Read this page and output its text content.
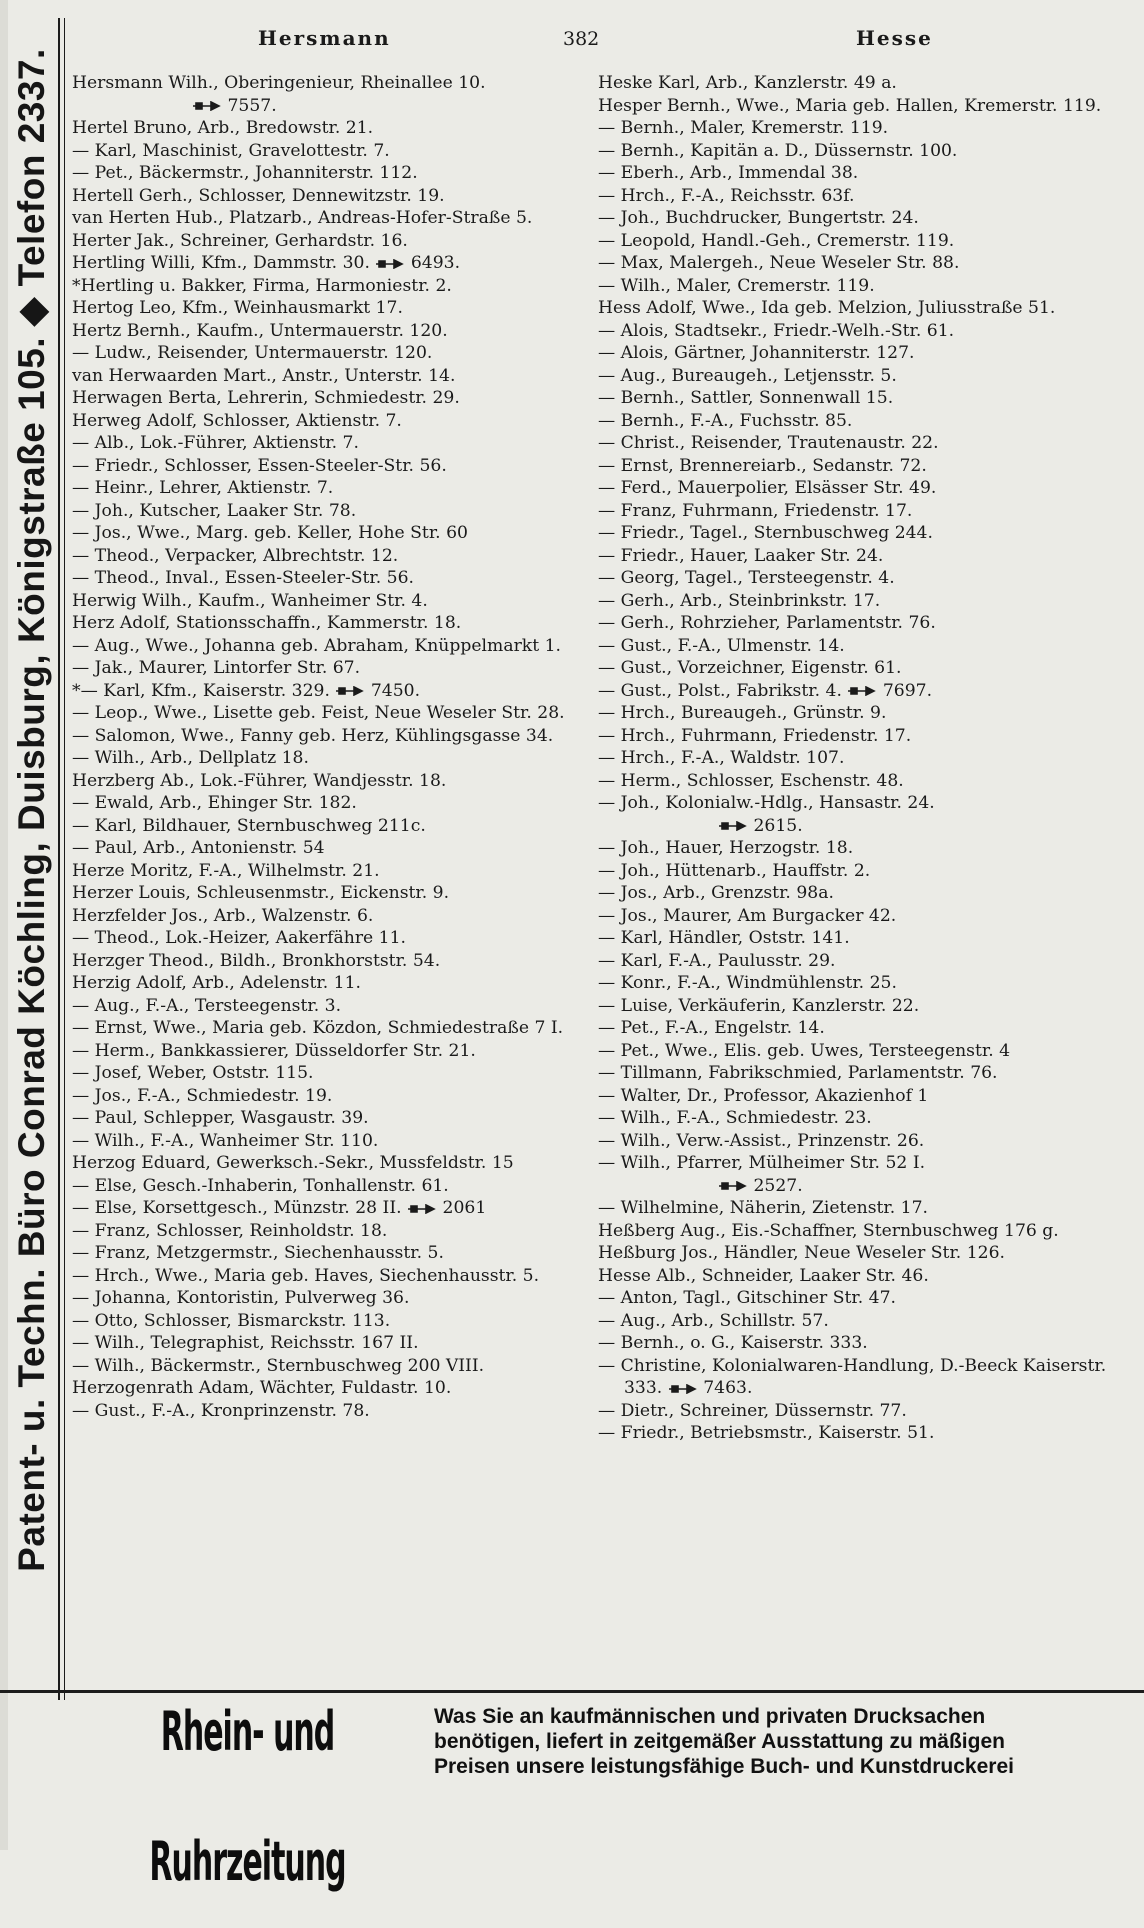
Patent- u. Techn. Büro Conrad Köchling, Duisburg, Königstraße 105. ◆ Telefon 2337.
Hersmann	382	Hesse
Hersmann Wilh., Oberingenieur, Rheinallee 10.
7557.
Hertel Bruno, Arb., Bredowstr. 21.
— Karl, Maschinist, Gravelottestr. 7.
— Pet., Bäckermstr., Johanniterstr. 112.
Hertell Gerh., Schlosser, Dennewitzstr. 19.
van Herten Hub., Platzarb., Andreas-Hofer-Straße 5.
Herter Jak., Schreiner, Gerhardstr. 16.
Hertling Willi, Kfm., Dammstr. 30.  6493.
*Hertling u. Bakker, Firma, Harmoniestr. 2.
Hertog Leo, Kfm., Weinhausmarkt 17.
Hertz Bernh., Kaufm., Untermauerstr. 120.
— Ludw., Reisender, Untermauerstr. 120.
van Herwaarden Mart., Anstr., Unterstr. 14.
Herwagen Berta, Lehrerin, Schmiedestr. 29.
Herweg Adolf, Schlosser, Aktienstr. 7.
— Alb., Lok.-Führer, Aktienstr. 7.
— Friedr., Schlosser, Essen-Steeler-Str. 56.
— Heinr., Lehrer, Aktienstr. 7.
— Joh., Kutscher, Laaker Str. 78.
— Jos., Wwe., Marg. geb. Keller, Hohe Str. 60
— Theod., Verpacker, Albrechtstr. 12.
— Theod., Inval., Essen-Steeler-Str. 56.
Herwig Wilh., Kaufm., Wanheimer Str. 4.
Herz Adolf, Stationsschaffn., Kammerstr. 18.
— Aug., Wwe., Johanna geb. Abraham, Knüppelmarkt 1.
— Jak., Maurer, Lintorfer Str. 67.
*— Karl, Kfm., Kaiserstr. 329.  7450.
— Leop., Wwe., Lisette geb. Feist, Neue Weseler Str. 28.
— Salomon, Wwe., Fanny geb. Herz, Kühlingsgasse 34.
— Wilh., Arb., Dellplatz 18.
Herzberg Ab., Lok.-Führer, Wandjesstr. 18.
— Ewald, Arb., Ehinger Str. 182.
— Karl, Bildhauer, Sternbuschweg 211c.
— Paul, Arb., Antonienstr. 54
Herze Moritz, F.-A., Wilhelmstr. 21.
Herzer Louis, Schleusenmstr., Eickenstr. 9.
Herzfelder Jos., Arb., Walzenstr. 6.
— Theod., Lok.-Heizer, Aakerfähre 11.
Herzger Theod., Bildh., Bronkhorststr. 54.
Herzig Adolf, Arb., Adelenstr. 11.
— Aug., F.-A., Tersteegenstr. 3.
— Ernst, Wwe., Maria geb. Közdon, Schmiedestraße 7 I.
— Herm., Bankkassierer, Düsseldorfer Str. 21.
— Josef, Weber, Oststr. 115.
— Jos., F.-A., Schmiedestr. 19.
— Paul, Schlepper, Wasgaustr. 39.
— Wilh., F.-A., Wanheimer Str. 110.
Herzog Eduard, Gewerksch.-Sekr., Mussfeldstr. 15
— Else, Gesch.-Inhaberin, Tonhallenstr. 61.
— Else, Korsettgesch., Münzstr. 28 II.  2061
— Franz, Schlosser, Reinholdstr. 18.
— Franz, Metzgermstr., Siechenhausstr. 5.
— Hrch., Wwe., Maria geb. Haves, Siechenhausstr. 5.
— Johanna, Kontoristin, Pulverweg 36.
— Otto, Schlosser, Bismarckstr. 113.
— Wilh., Telegraphist, Reichsstr. 167 II.
— Wilh., Bäckermstr., Sternbuschweg 200 VIII.
Herzogenrath Adam, Wächter, Fuldastr. 10.
— Gust., F.-A., Kronprinzenstr. 78.
Heske Karl, Arb., Kanzlerstr. 49 a.
Hesper Bernh., Wwe., Maria geb. Hallen, Kremerstr. 119.
— Bernh., Maler, Kremerstr. 119.
— Bernh., Kapitän a. D., Düssernstr. 100.
— Eberh., Arb., Immendal 38.
— Hrch., F.-A., Reichsstr. 63f.
— Joh., Buchdrucker, Bungertstr. 24.
— Leopold, Handl.-Geh., Cremerstr. 119.
— Max, Malergeh., Neue Weseler Str. 88.
— Wilh., Maler, Cremerstr. 119.
Hess Adolf, Wwe., Ida geb. Melzion, Juliusstraße 51.
— Alois, Stadtsekr., Friedr.-Welh.-Str. 61.
— Alois, Gärtner, Johanniterstr. 127.
— Aug., Bureaugeh., Letjensstr. 5.
— Bernh., Sattler, Sonnenwall 15.
— Bernh., F.-A., Fuchsstr. 85.
— Christ., Reisender, Trautenaustr. 22.
— Ernst, Brennereiarb., Sedanstr. 72.
— Ferd., Mauerpolier, Elsässer Str. 49.
— Franz, Fuhrmann, Friedenstr. 17.
— Friedr., Tagel., Sternbuschweg 244.
— Friedr., Hauer, Laaker Str. 24.
— Georg, Tagel., Tersteegenstr. 4.
— Gerh., Arb., Steinbrinkstr. 17.
— Gerh., Rohrzieher, Parlamentstr. 76.
— Gust., F.-A., Ulmenstr. 14.
— Gust., Vorzeichner, Eigenstr. 61.
— Gust., Polst., Fabrikstr. 4.  7697.
— Hrch., Bureaugeh., Grünstr. 9.
— Hrch., Fuhrmann, Friedenstr. 17.
— Hrch., F.-A., Waldstr. 107.
— Herm., Schlosser, Eschenstr. 48.
— Joh., Kolonialw.-Hdlg., Hansastr. 24.
2615.
— Joh., Hauer, Herzogstr. 18.
— Joh., Hüttenarb., Hauffstr. 2.
— Jos., Arb., Grenzstr. 98a.
— Jos., Maurer, Am Burgacker 42.
— Karl, Händler, Oststr. 141.
— Karl, F.-A., Paulusstr. 29.
— Konr., F.-A., Windmühlenstr. 25.
— Luise, Verkäuferin, Kanzlerstr. 22.
— Pet., F.-A., Engelstr. 14.
— Pet., Wwe., Elis. geb. Uwes, Tersteegenstr. 4
— Tillmann, Fabrikschmied, Parlamentstr. 76.
— Walter, Dr., Professor, Akazienhof 1
— Wilh., F.-A., Schmiedestr. 23.
— Wilh., Verw.-Assist., Prinzenstr. 26.
— Wilh., Pfarrer, Mülheimer Str. 52 I.
2527.
— Wilhelmine, Näherin, Zietenstr. 17.
Heßberg Aug., Eis.-Schaffner, Sternbuschweg 176 g.
Heßburg Jos., Händler, Neue Weseler Str. 126.
Hesse Alb., Schneider, Laaker Str. 46.
— Anton, Tagl., Gitschiner Str. 47.
— Aug., Arb., Schillstr. 57.
— Bernh., o. G., Kaiserstr. 333.
— Christine, Kolonialwaren-Handlung, D.-Beeck Kaiserstr. 333.  7463.
— Dietr., Schreiner, Düssernstr. 77.
— Friedr., Betriebsmstr., Kaiserstr. 51.
Rhein- und Ruhrzeitung
Was Sie an kaufmännischen und privaten Drucksachen
benötigen, liefert in zeitgemäßer Ausstattung zu mäßigen
Preisen unsere leistungsfähige Buch- und Kunstdruckerei
